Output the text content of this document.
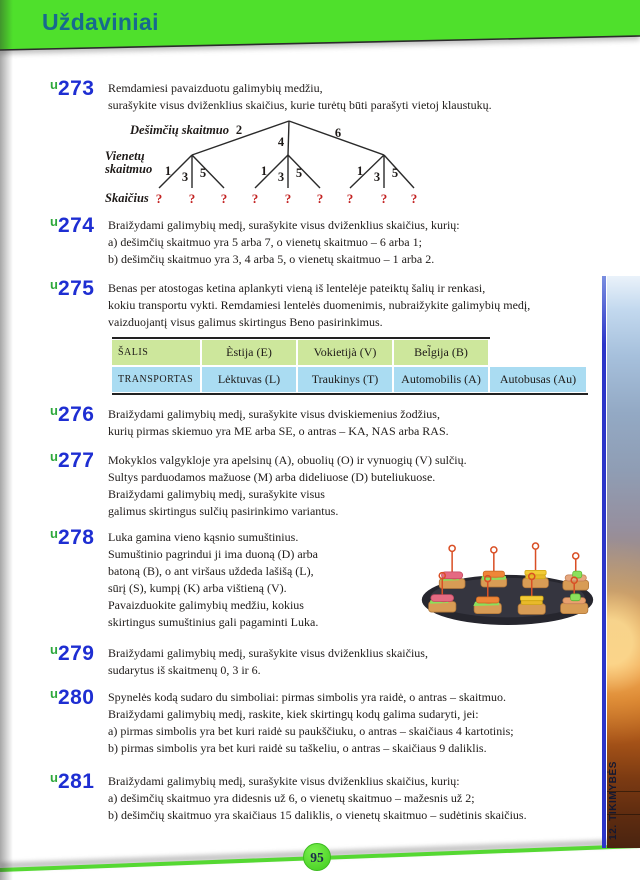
Uždaviniai
$^u$273	Remdamiesi pavaizduotu galimybių medžiu,
surašykite visus dviženklius skaičius, kurie turėtų būti parašyti vietoj klaustukų.
Dešimčių skaitmuo
Vienetų
skaitmuo
Skaičius
2
4
6
1 3 5	1 3 5	1 3 5
? ? ? ? ? ? ? ? ?
$^u$274	Braižydami galimybių medį, surašykite visus dviženklius skaičius, kurių:
a) dešimčių skaitmuo yra 5 arba 7, o vienetų skaitmuo – 6 arba 1;
b) dešimčių skaitmuo yra 3, 4 arba 5, o vienetų skaitmuo – 1 arba 2.
$^u$275	Benas per atostogas ketina aplankyti vieną iš lentelėje pateiktų šalių ir renkasi,
kokiu transportu vykti. Remdamiesi lentelės duomenimis, nubraižykite galimybių medį,
vaizduojantį visus galimus skirtingus Beno pasirinkimus.
ŠALIS	Èstija (E)	Vokietijà (V)	Bel̃gija (B)
TRANSPORTAS	Lėktuvas (L)	Traukinys (T)	Automobilis (A)	Autobusas (Au)
$^u$276	Braižydami galimybių medį, surašykite visus dviskiemenius žodžius,
kurių pirmas skiemuo yra ME arba SE, o antras – KA, NAS arba RAS.
$^u$277	Mokyklos valgykloje yra apelsinų (A), obuolių (O) ir vynuogių (V) sulčių.
Sultys parduodamos mažuose (M) arba dideliuose (D) buteliukuose.
Braižydami galimybių medį, surašykite visus
galimus skirtingus sulčių pasirinkimo variantus.
$^u$278	Luka gamina vieno kąsnio sumuštinius.
Sumuštinio pagrindui ji ima duoną (D) arba
batoną (B), o ant viršaus uždeda lašišą (L),
sūrį (S), kumpį (K) arba vištieną (V).
Pavaizduokite galimybių medžiu, kokius
skirtingus sumuštinius gali pagaminti Luka.
$^u$279	Braižydami galimybių medį, surašykite visus dviženklius skaičius,
sudarytus iš skaitmenų 0, 3 ir 6.
$^u$280	Spynelės kodą sudaro du simboliai: pirmas simbolis yra raidė, o antras – skaitmuo.
Braižydami galimybių medį, raskite, kiek skirtingų kodų galima sudaryti, jei:
a) pirmas simbolis yra bet kuri raidė su paukščiuku, o antras – skaičiaus 4 kartotinis;
b) pirmas simbolis yra bet kuri raidė su taškeliu, o antras – skaičiaus 9 daliklis.
$^u$281	Braižydami galimybių medį, surašykite visus dviženklius skaičius, kurių:
a) dešimčių skaitmuo yra didesnis už 6, o vienetų skaitmuo – mažesnis už 2;
b) dešimčių skaitmuo yra skaičiaus 15 daliklis, o vienetų skaitmuo – sudėtinis skaičius.	12. TIKIMYBĖS
95
